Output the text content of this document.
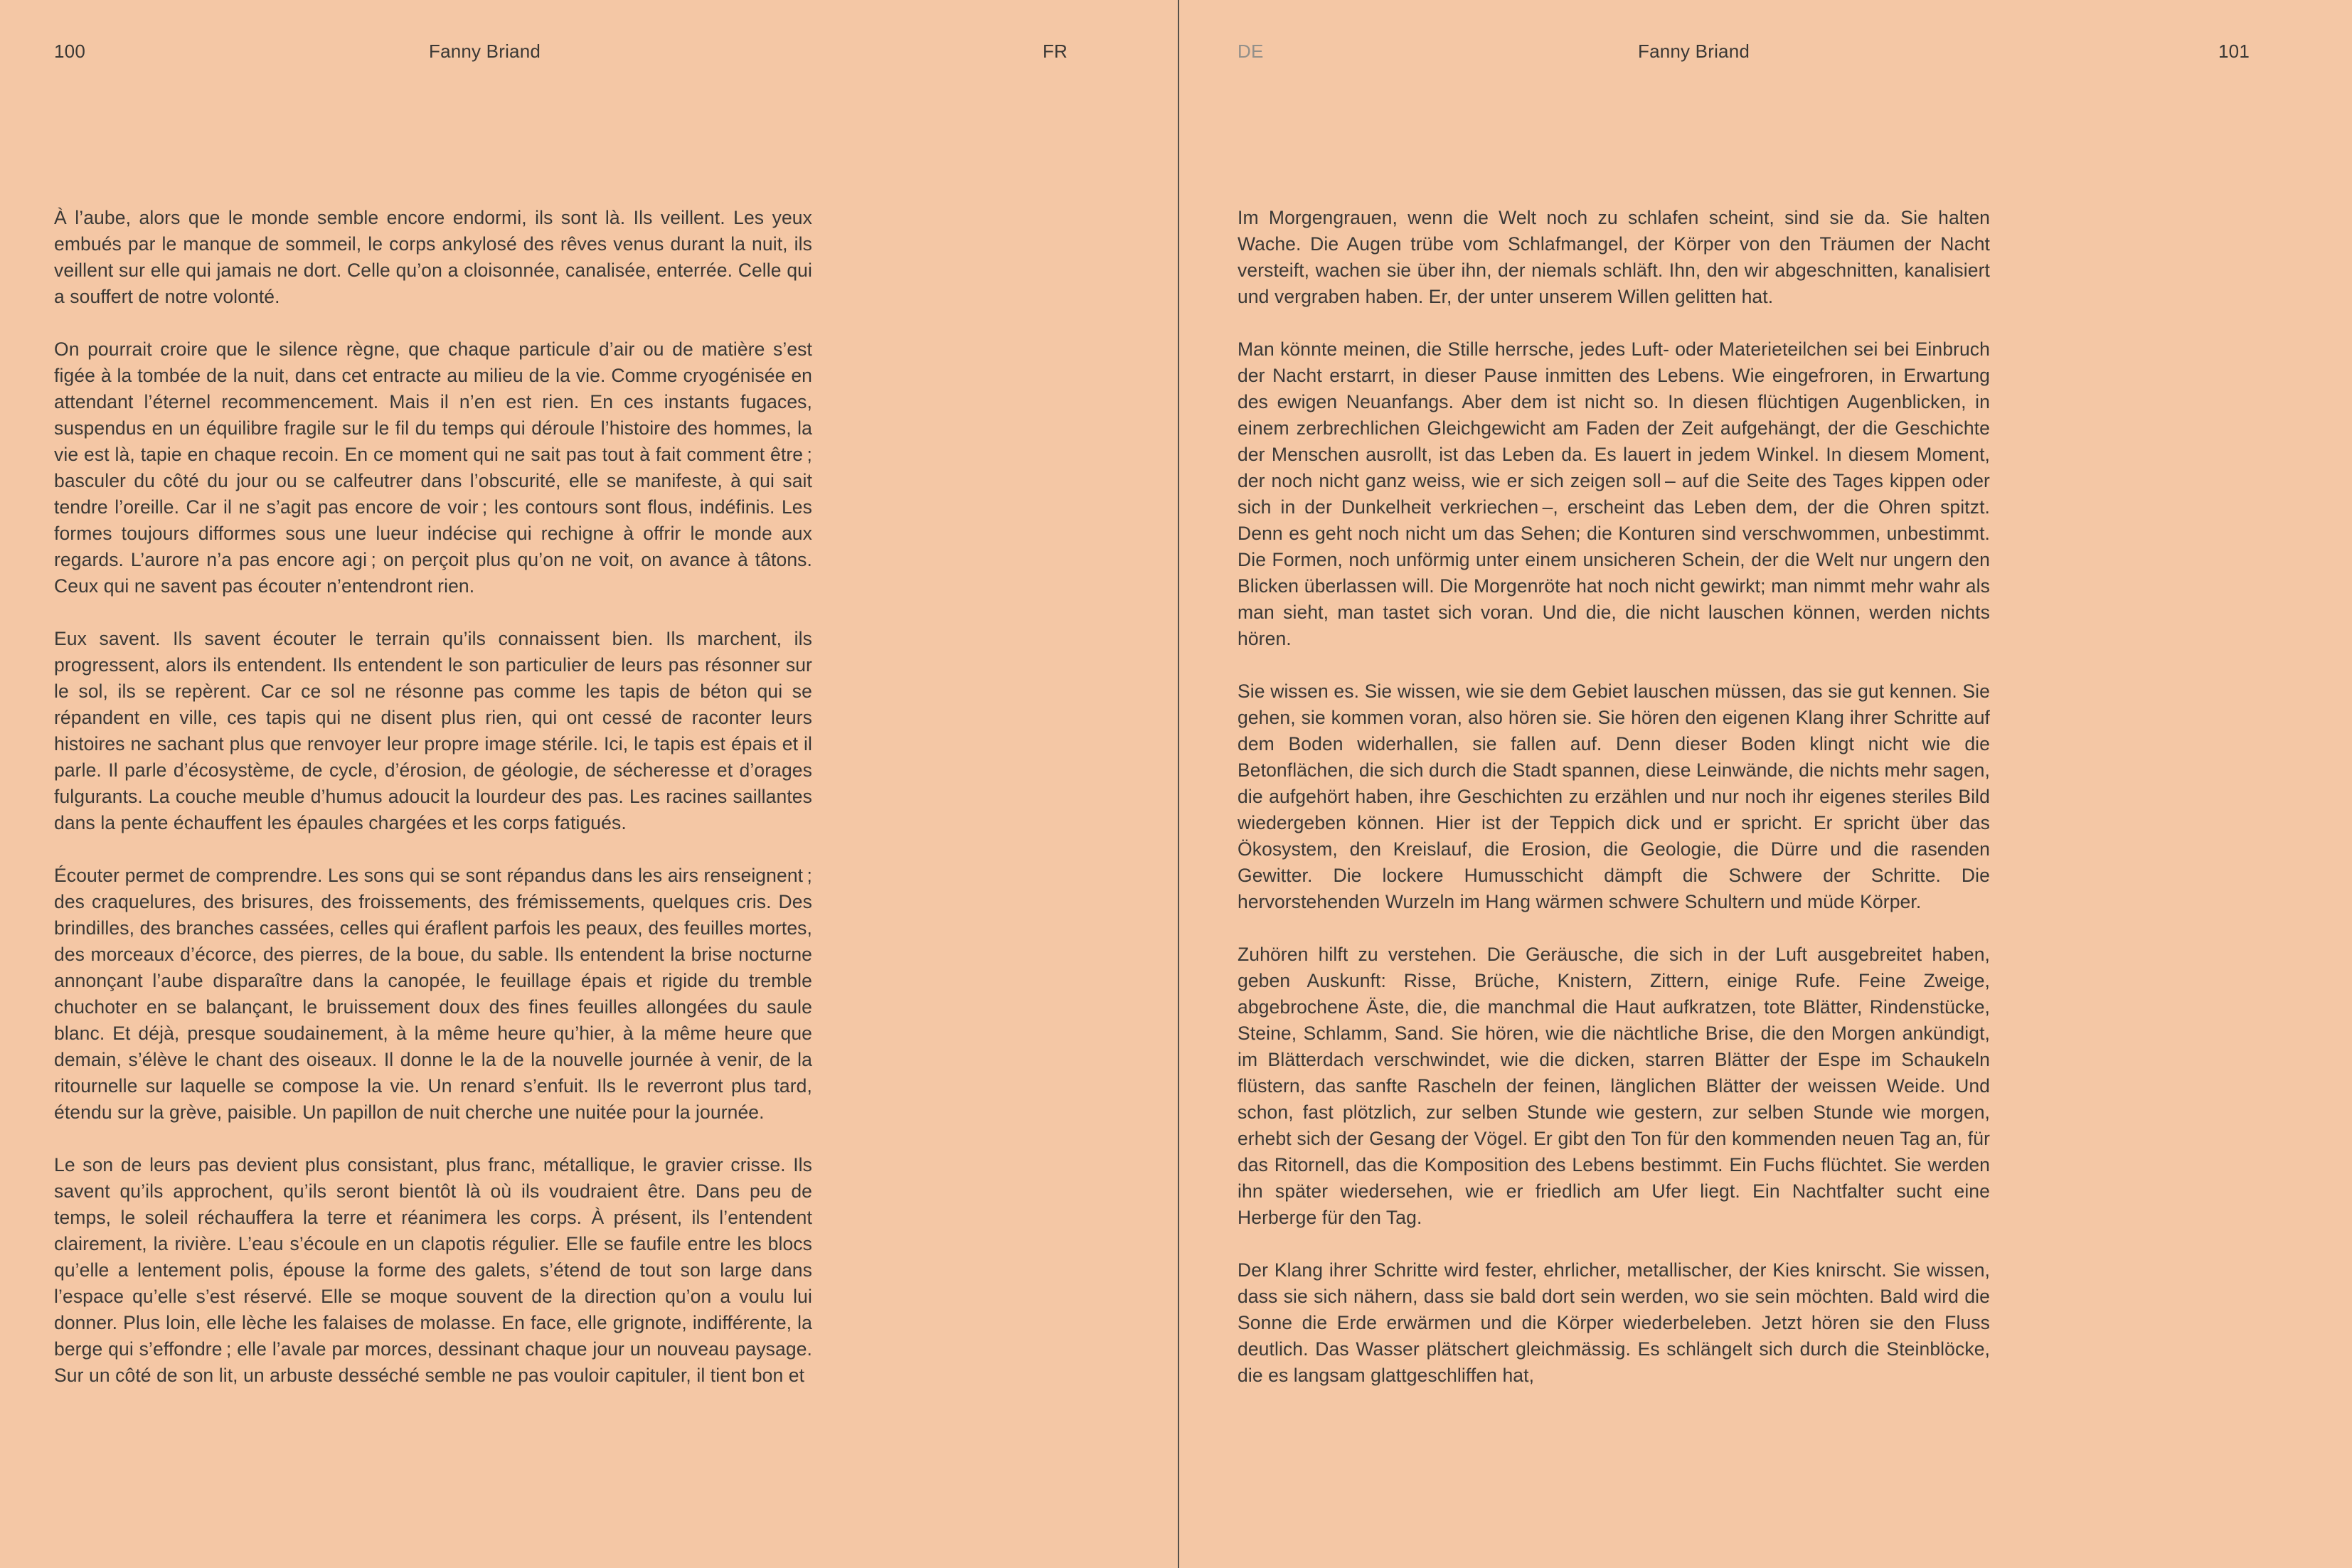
100	Fanny Briand	FR

À l’aube, alors que le monde semble encore endormi, ils sont là. Ils veillent. Les yeux embués par le manque de sommeil, le corps ankylosé des rêves venus durant la nuit, ils veillent sur elle qui jamais ne dort. Celle qu’on a cloisonnée, canalisée, enterrée. Celle qui a souffert de notre volonté.

On pourrait croire que le silence règne, que chaque particule d’air ou de matière s’est figée à la tombée de la nuit, dans cet entracte au milieu de la vie. Comme cryogénisée en attendant l’éternel recommencement. Mais il n’en est rien. En ces instants fugaces, suspendus en un équilibre fragile sur le fil du temps qui déroule l’histoire des hommes, la vie est là, tapie en chaque recoin. En ce moment qui ne sait pas tout à fait comment être ; basculer du côté du jour ou se calfeutrer dans l’obscurité, elle se manifeste, à qui sait tendre l’oreille. Car il ne s’agit pas encore de voir ; les contours sont flous, indéfinis. Les formes toujours difformes sous une lueur indécise qui rechigne à offrir le monde aux regards. L’aurore n’a pas encore agi ; on perçoit plus qu’on ne voit, on avance à tâtons. Ceux qui ne savent pas écouter n’entendront rien.

Eux savent. Ils savent écouter le terrain qu’ils connaissent bien. Ils marchent, ils progressent, alors ils entendent. Ils entendent le son particulier de leurs pas résonner sur le sol, ils se repèrent. Car ce sol ne résonne pas comme les tapis de béton qui se répandent en ville, ces tapis qui ne disent plus rien, qui ont cessé de raconter leurs histoires ne sachant plus que renvoyer leur propre image stérile. Ici, le tapis est épais et il parle. Il parle d’écosystème, de cycle, d’érosion, de géologie, de sécheresse et d’orages fulgurants. La couche meuble d’humus adoucit la lourdeur des pas. Les racines saillantes dans la pente échauffent les épaules chargées et les corps fatigués.

Écouter permet de comprendre. Les sons qui se sont répandus dans les airs renseignent ; des craquelures, des brisures, des froissements, des frémissements, quelques cris. Des brindilles, des branches cassées, celles qui éraflent parfois les peaux, des feuilles mortes, des morceaux d’écorce, des pierres, de la boue, du sable. Ils entendent la brise nocturne annonçant l’aube disparaître dans la canopée, le feuillage épais et rigide du tremble chuchoter en se balançant, le bruissement doux des fines feuilles allongées du saule blanc. Et déjà, presque soudainement, à la même heure qu’hier, à la même heure que demain, s’élève le chant des oiseaux. Il donne le la de la nouvelle journée à venir, de la ritournelle sur laquelle se compose la vie. Un renard s’enfuit. Ils le reverront plus tard, étendu sur la grève, paisible. Un papillon de nuit cherche une nuitée pour la journée.

Le son de leurs pas devient plus consistant, plus franc, métallique, le gravier crisse. Ils savent qu’ils approchent, qu’ils seront bientôt là où ils voudraient être. Dans peu de temps, le soleil réchauffera la terre et réanimera les corps. À présent, ils l’entendent clairement, la rivière. L’eau s’écoule en un clapotis régulier. Elle se faufile entre les blocs qu’elle a lentement polis, épouse la forme des galets, s’étend de tout son large dans l’espace qu’elle s’est réservé. Elle se moque souvent de la direction qu’on a voulu lui donner. Plus loin, elle lèche les falaises de molasse. En face, elle grignote, indifférente, la berge qui s’effondre ; elle l’avale par morces, dessinant chaque jour un nouveau paysage. Sur un côté de son lit, un arbuste desséché semble ne pas vouloir capituler, il tient bon et

DE	Fanny Briand	101

Im Morgengrauen, wenn die Welt noch zu schlafen scheint, sind sie da. Sie halten Wache. Die Augen trübe vom Schlafmangel, der Körper von den Träumen der Nacht versteift, wachen sie über ihn, der niemals schläft. Ihn, den wir abgeschnitten, kanalisiert und vergraben haben. Er, der unter unserem Willen gelitten hat.

Man könnte meinen, die Stille herrsche, jedes Luft- oder Materieteilchen sei bei Einbruch der Nacht erstarrt, in dieser Pause inmitten des Lebens. Wie eingefroren, in Erwartung des ewigen Neuanfangs. Aber dem ist nicht so. In diesen flüchtigen Augenblicken, in einem zerbrechlichen Gleichgewicht am Faden der Zeit aufgehängt, der die Geschichte der Menschen ausrollt, ist das Leben da. Es lauert in jedem Winkel. In diesem Moment, der noch nicht ganz weiss, wie er sich zeigen soll – auf die Seite des Tages kippen oder sich in der Dunkelheit verkriechen –, erscheint das Leben dem, der die Ohren spitzt. Denn es geht noch nicht um das Sehen; die Konturen sind verschwommen, unbestimmt. Die Formen, noch unförmig unter einem unsicheren Schein, der die Welt nur ungern den Blicken überlassen will. Die Morgenröte hat noch nicht gewirkt; man nimmt mehr wahr als man sieht, man tastet sich voran. Und die, die nicht lauschen können, werden nichts hören.

Sie wissen es. Sie wissen, wie sie dem Gebiet lauschen müssen, das sie gut kennen. Sie gehen, sie kommen voran, also hören sie. Sie hören den eigenen Klang ihrer Schritte auf dem Boden widerhallen, sie fallen auf. Denn dieser Boden klingt nicht wie die Betonflächen, die sich durch die Stadt spannen, diese Leinwände, die nichts mehr sagen, die aufgehört haben, ihre Geschichten zu erzählen und nur noch ihr eigenes steriles Bild wiedergeben können. Hier ist der Teppich dick und er spricht. Er spricht über das Ökosystem, den Kreislauf, die Erosion, die Geologie, die Dürre und die rasenden Gewitter. Die lockere Humusschicht dämpft die Schwere der Schritte. Die hervorstehenden Wurzeln im Hang wärmen schwere Schultern und müde Körper.

Zuhören hilft zu verstehen. Die Geräusche, die sich in der Luft ausgebreitet haben, geben Auskunft: Risse, Brüche, Knistern, Zittern, einige Rufe. Feine Zweige, abgebrochene Äste, die, die manchmal die Haut aufkratzen, tote Blätter, Rindenstücke, Steine, Schlamm, Sand. Sie hören, wie die nächtliche Brise, die den Morgen ankündigt, im Blätterdach verschwindet, wie die dicken, starren Blätter der Espe im Schaukeln flüstern, das sanfte Rascheln der feinen, länglichen Blätter der weissen Weide. Und schon, fast plötzlich, zur selben Stunde wie gestern, zur selben Stunde wie morgen, erhebt sich der Gesang der Vögel. Er gibt den Ton für den kommenden neuen Tag an, für das Ritornell, das die Komposition des Lebens bestimmt. Ein Fuchs flüchtet. Sie werden ihn später wiedersehen, wie er friedlich am Ufer liegt. Ein Nachtfalter sucht eine Herberge für den Tag.

Der Klang ihrer Schritte wird fester, ehrlicher, metallischer, der Kies knirscht. Sie wissen, dass sie sich nähern, dass sie bald dort sein werden, wo sie sein möchten. Bald wird die Sonne die Erde erwärmen und die Körper wiederbeleben. Jetzt hören sie den Fluss deutlich. Das Wasser plätschert gleichmässig. Es schlängelt sich durch die Steinblöcke, die es langsam glattgeschliffen hat,
